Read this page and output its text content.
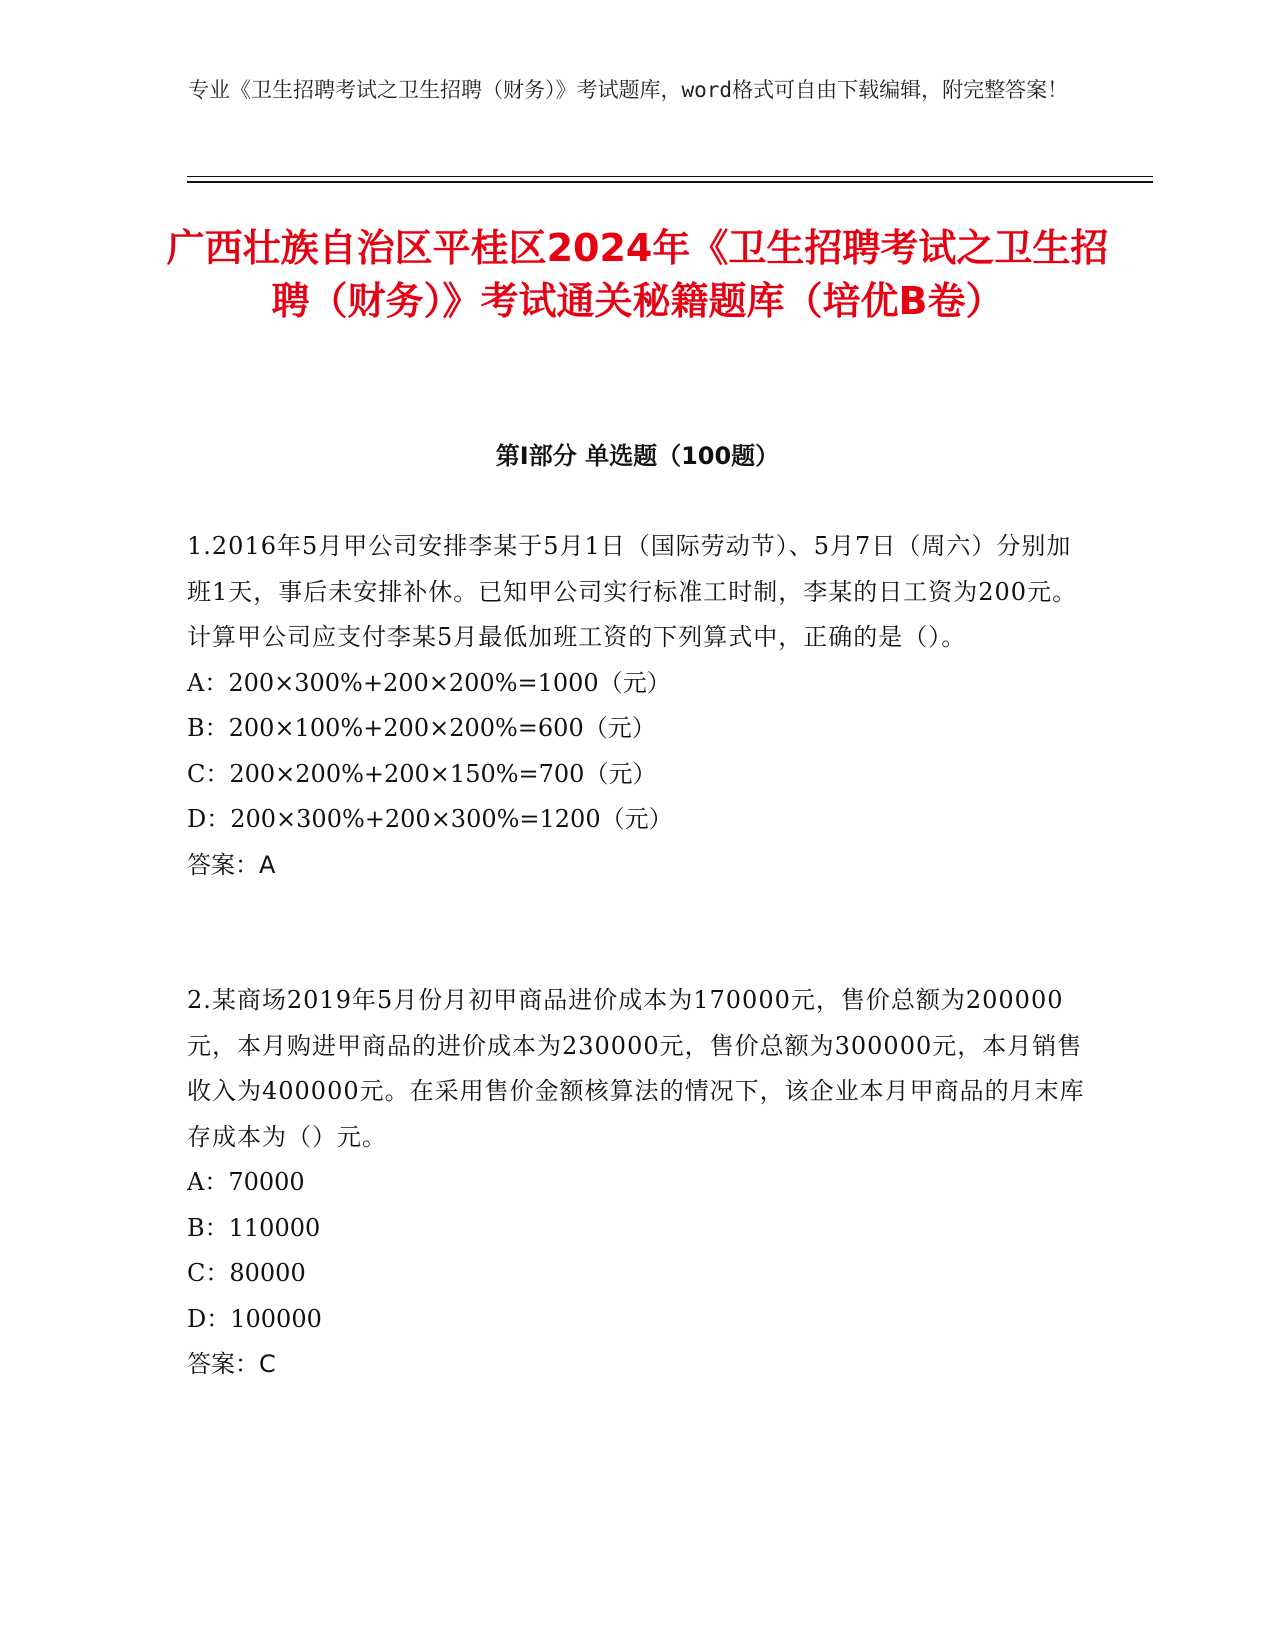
专业《卫生招聘考试之卫生招聘（财务）》考试题库，word格式可自由下载编辑，附完整答案！
广西壮族自治区平桂区2024年《卫生招聘考试之卫生招聘（财务）》考试通关秘籍题库（培优B卷）
第I部分 单选题（100题）

1.2016年5月甲公司安排李某于5月1日（国际劳动节）、5月7日（周六）分别加班1天，事后未安排补休。已知甲公司实行标准工时制，李某的日工资为200元。计算甲公司应支付李某5月最低加班工资的下列算式中，正确的是（）。

A：200×300%+200×200%=1000（元）
B：200×100%+200×200%=600（元）
C：200×200%+200×150%=700（元）
D：200×300%+200×300%=1200（元）

答案：A

2.某商场2019年5月份月初甲商品进价成本为170000元，售价总额为200000元，本月购进甲商品的进价成本为230000元，售价总额为300000元，本月销售收入为400000元。在采用售价金额核算法的情况下，该企业本月甲商品的月末库存成本为（）元。

A：70000
B：110000
C：80000
D：100000

答案：C
